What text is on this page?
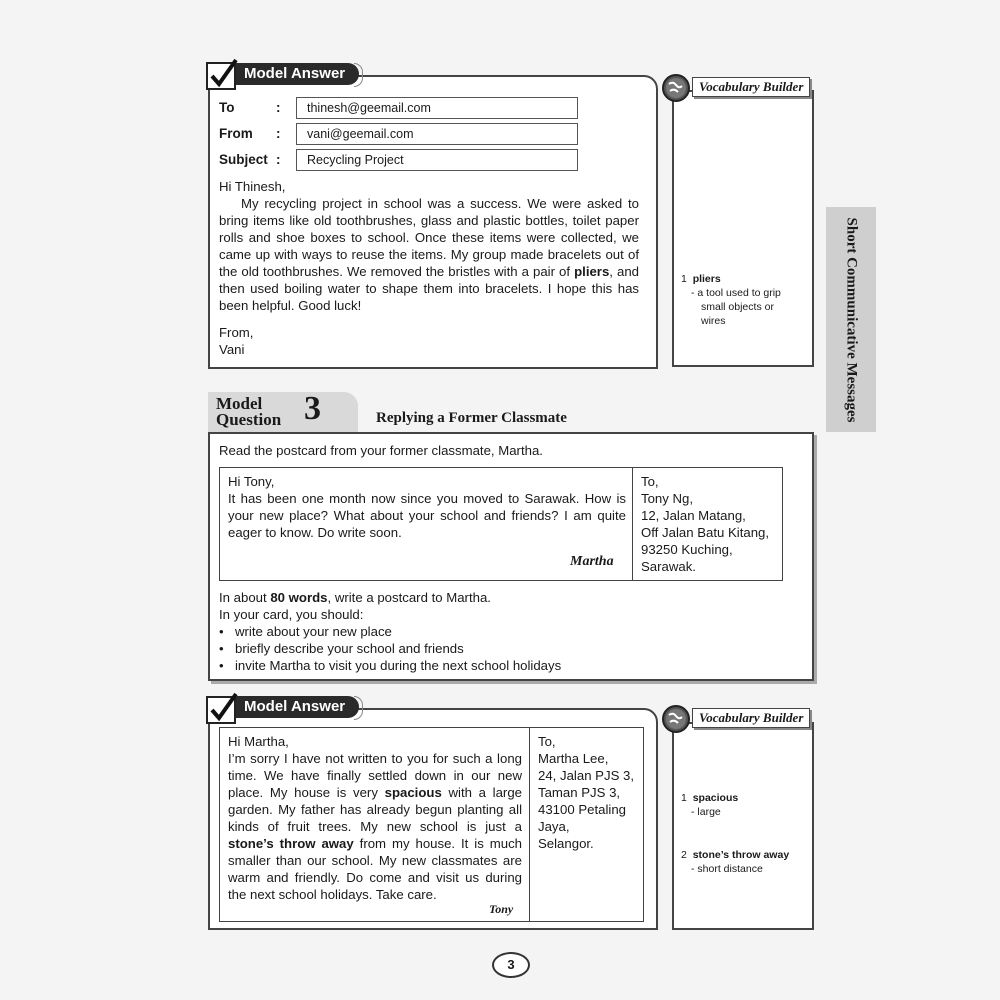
Short Communicative Messages
Model Answer
To	:	thinesh@geemail.com
From :	vani@geemail.com
Subject :	Recycling Project

Hi Thinesh,

My recycling project in school was a success. We were asked to bring items like old toothbrushes, glass and plastic bottles, toilet paper rolls and shoe boxes to school. Once these items were collected, we came up with ways to reuse the items. My group made bracelets out of the old toothbrushes. We removed the bristles with a pair of pliers, and then used boiling water to shape them into bracelets. I hope this has been helpful. Good luck!

From,

Vani

Vocabulary Builder
1 pliers
- a tool used to grip
small objects or
wires
Model
Question 3	Replying a Former Classmate
Read the postcard from your former classmate, Martha.

Hi Tony,

It has been one month now since you moved to Sarawak. How is your new place? What about your school and friends? I am quite eager to know. Do write soon.

Martha

To,

Tony Ng,

12, Jalan Matang,

Off Jalan Batu Kitang,

93250 Kuching,

Sarawak.

In about 80 words, write a postcard to Martha.

In your card, you should:

• write about your new place
• briefly describe your school and friends
• invite Martha to visit you during the next school holidays
Model Answer

Hi Martha,

I’m sorry I have not written to you for such a long time. We have finally settled down in our new place. My house is very spacious with a large garden. My father has already begun planting all kinds of fruit trees. My new school is just a stone’s throw away from my house. It is much smaller than our school. My new classmates are warm and friendly. Do come and visit us during the next school holidays. Take care.

Tony

To,

Martha Lee,

24, Jalan PJS 3,

Taman PJS 3,

43100 Petaling

Jaya,

Selangor.

Vocabulary Builder
1 spacious
- large
2 stone’s throw away
- short distance
3
